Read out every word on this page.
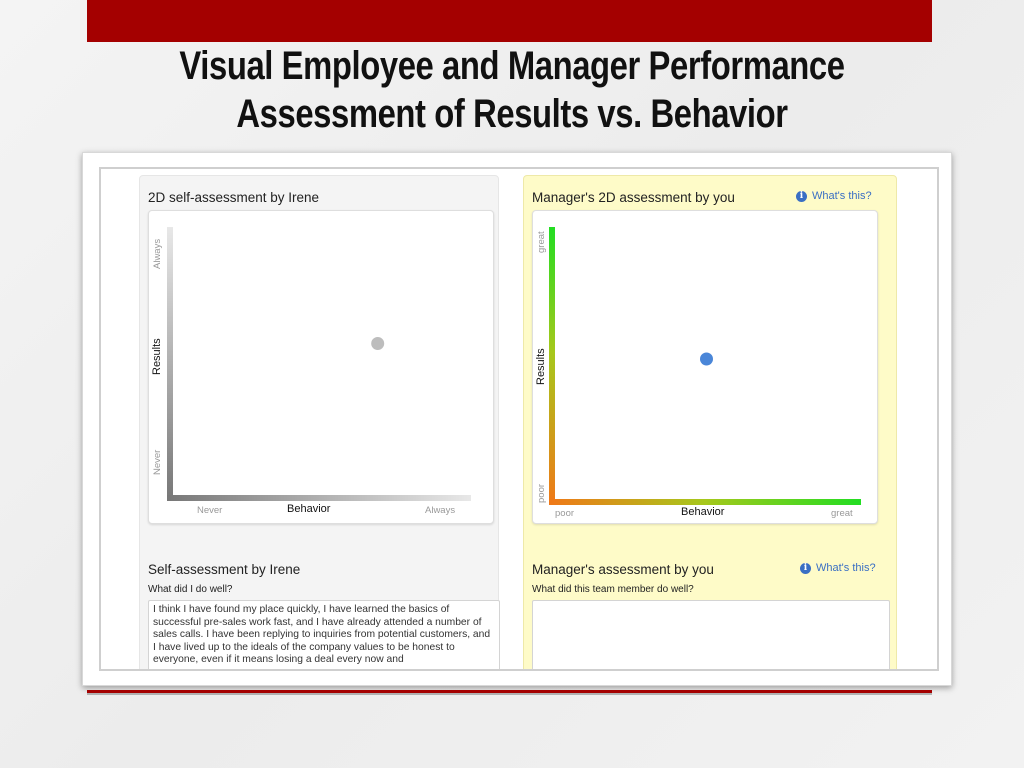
Visual Employee and Manager Performance
Assessment of Results vs. Behavior
2D self-assessment by Irene
Always
Results
Never
Never	Behavior	Always
Self-assessment by Irene
What did I do well?
I think I have found my place quickly, I have learned the basics of successful pre-sales work fast, and I have already attended a number of sales calls. I have been replying to inquiries from potential customers, and I have lived up to the ideals of the company values to be honest to everyone, even if it means losing a deal every now and
Manager's 2D assessment by you	i What's this?
great
Results
poor
poor	Behavior	great
Manager's assessment by you	i What's this?
What did this team member do well?
